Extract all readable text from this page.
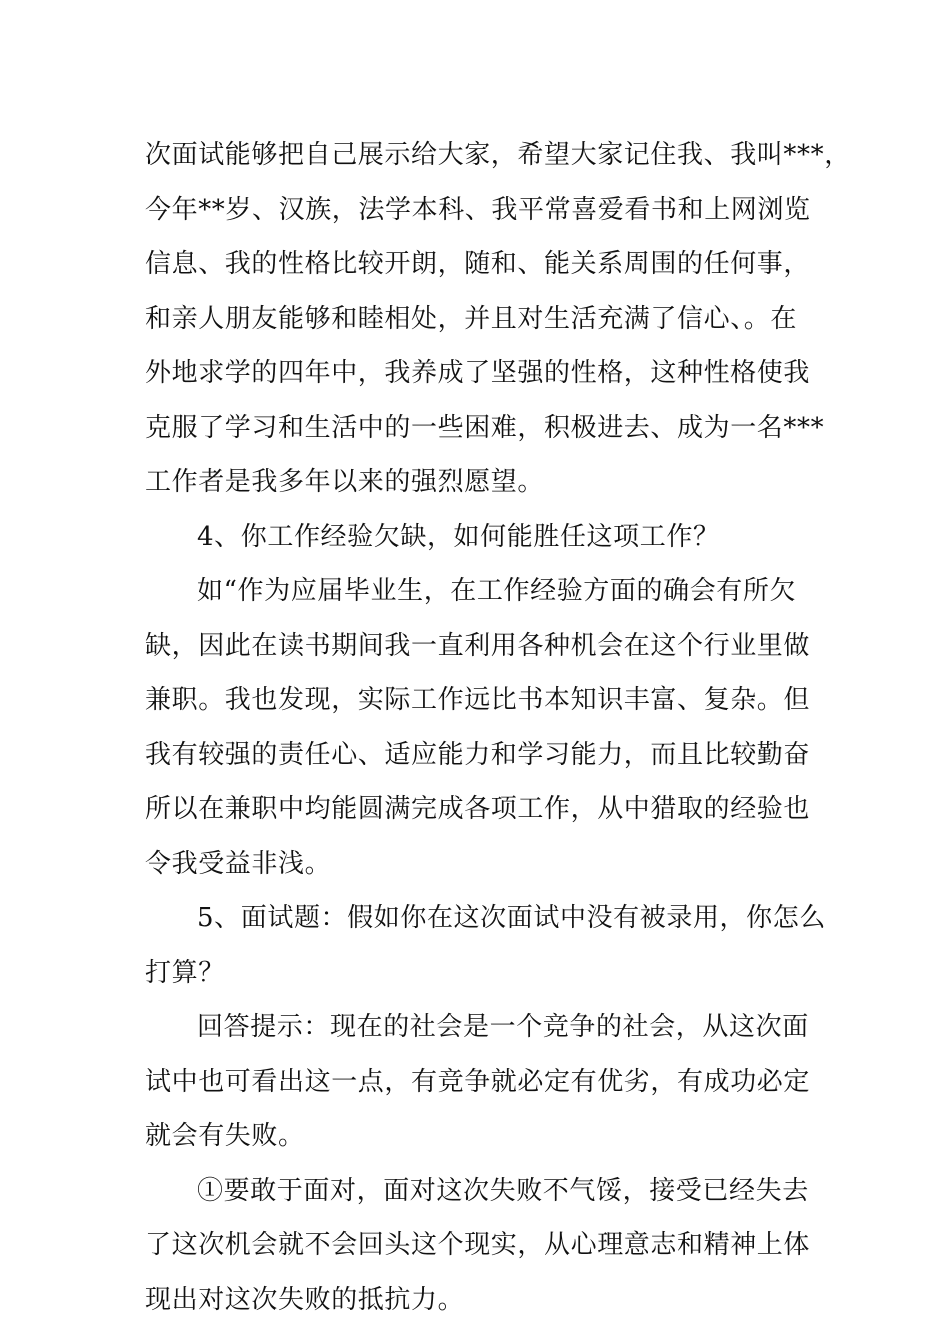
次面试能够把自己展示给大家，希望大家记住我、我叫***，
今年**岁、汉族，法学本科、我平常喜爱看书和上网浏览
信息、我的性格比较开朗，随和、能关系周围的任何事，
和亲人朋友能够和睦相处，并且对生活充满了信心、。在
外地求学的四年中，我养成了坚强的性格，这种性格使我
克服了学习和生活中的一些困难，积极进去、成为一名***
工作者是我多年以来的强烈愿望。

4、你工作经验欠缺，如何能胜任这项工作？

如“作为应届毕业生，在工作经验方面的确会有所欠
缺，因此在读书期间我一直利用各种机会在这个行业里做
兼职。我也发现，实际工作远比书本知识丰富、复杂。但
我有较强的责任心、适应能力和学习能力，而且比较勤奋
所以在兼职中均能圆满完成各项工作，从中猎取的经验也
令我受益非浅。

5、面试题：假如你在这次面试中没有被录用，你怎么
打算？

回答提示：现在的社会是一个竞争的社会，从这次面
试中也可看出这一点，有竞争就必定有优劣，有成功必定
就会有失败。

①要敢于面对，面对这次失败不气馁，接受已经失去
了这次机会就不会回头这个现实，从心理意志和精神上体
现出对这次失败的抵抗力。
